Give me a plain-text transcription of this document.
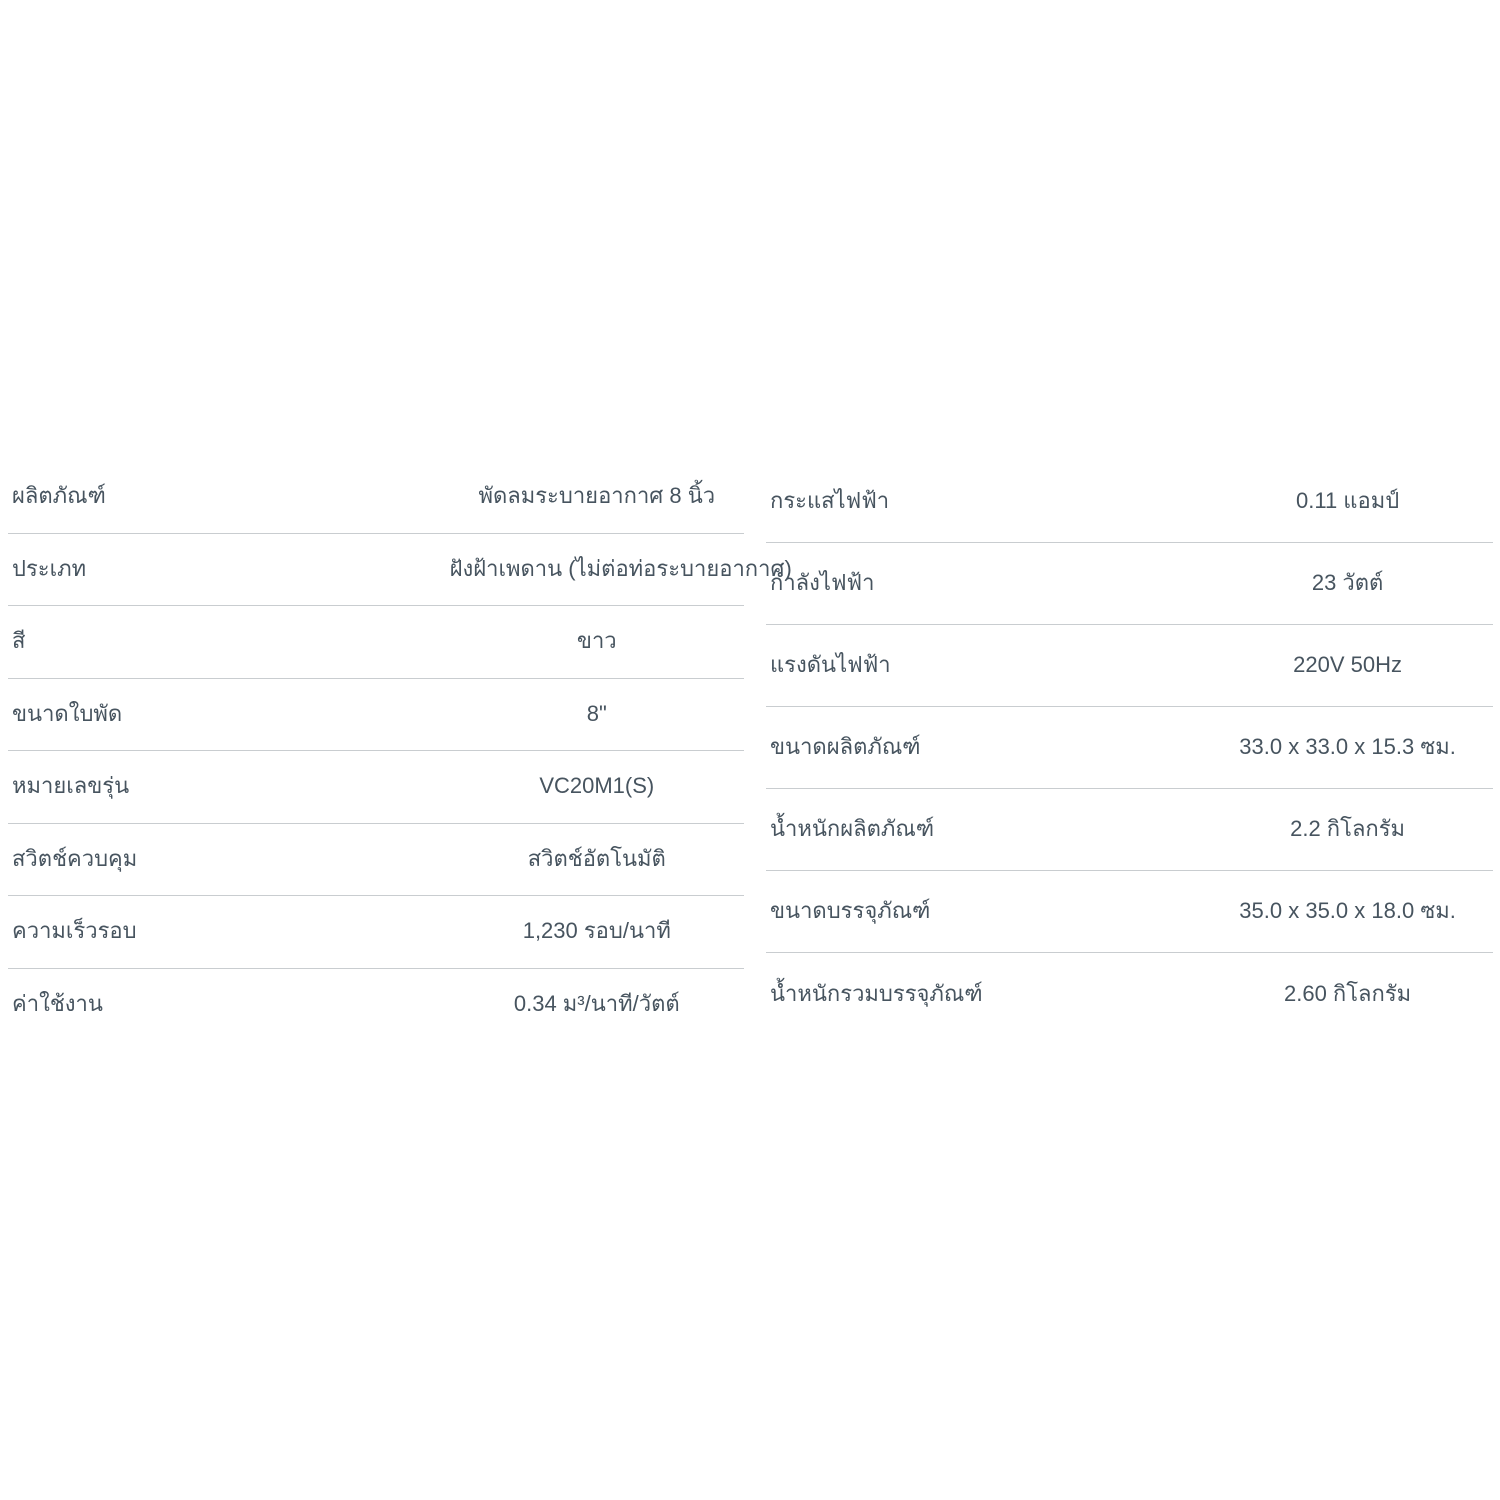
ผลิตภัณฑ์	พัดลมระบายอากาศ 8 นิ้ว
ประเภท	ฝังฝ้าเพดาน (ไม่ต่อท่อระบายอากาศ)
สี	ขาว
ขนาดใบพัด	8"
หมายเลขรุ่น	VC20M1(S)
สวิตช์ควบคุม	สวิตช์อัตโนมัติ
ความเร็วรอบ	1,230 รอบ/นาที
ค่าใช้งาน	0.34 ม³/นาที/วัตต์
กระแสไฟฟ้า	0.11 แอมป์
กำลังไฟฟ้า	23 วัตต์
แรงดันไฟฟ้า	220V 50Hz
ขนาดผลิตภัณฑ์	33.0 x 33.0 x 15.3 ซม.
น้ำหนักผลิตภัณฑ์	2.2 กิโลกรัม
ขนาดบรรจุภัณฑ์	35.0 x 35.0 x 18.0 ซม.
น้ำหนักรวมบรรจุภัณฑ์	2.60 กิโลกรัม
